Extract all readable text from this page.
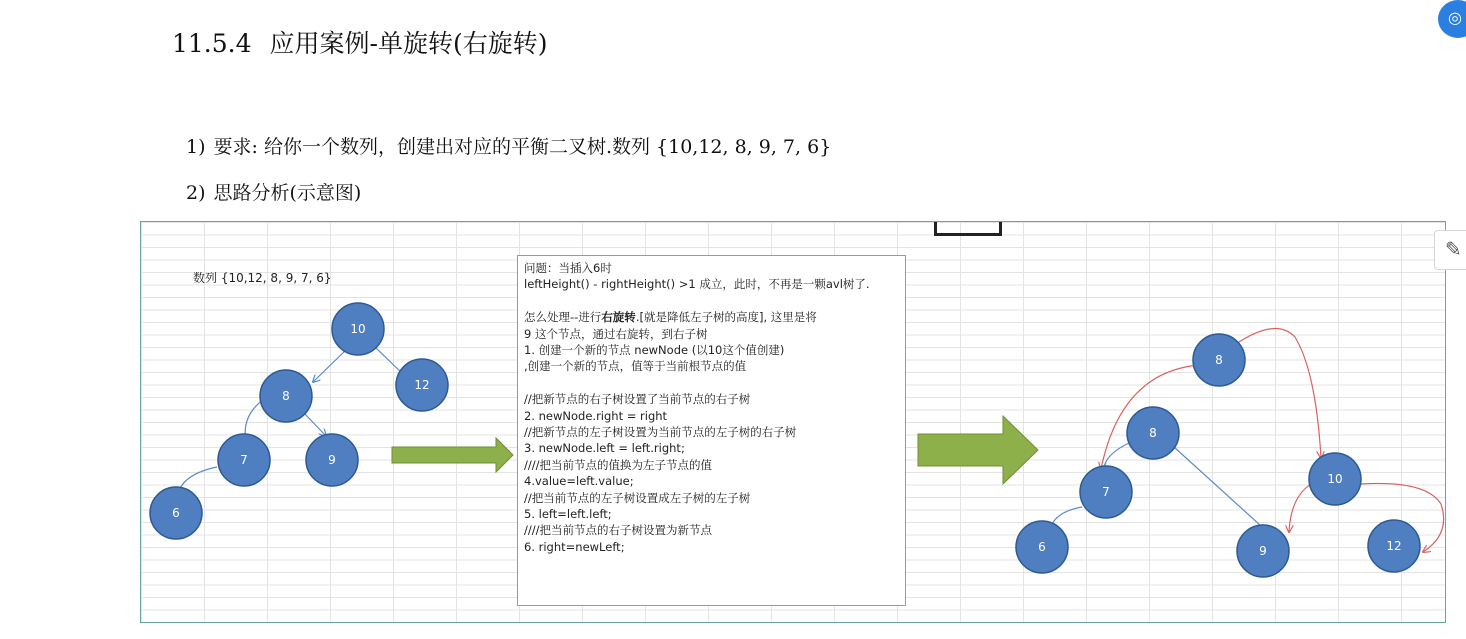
11.5.4 应用案例-单旋转(右旋转)
1) 要求: 给你一个数列，创建出对应的平衡二叉树.数列 {10,12, 8, 9, 7, 6}
2) 思路分析(示意图)
10
12
8
7	9
6
8
7
10
6	9	12
8
数列 {10,12, 8, 9, 7, 6}
问题：当插入6时
leftHeight() - rightHeight() >1 成立，此时，不再是一颗avl树了.
怎么处理--进行右旋转.[就是降低左子树的高度], 这里是将
9 这个节点，通过右旋转，到右子树
1. 创建一个新的节点 newNode (以10这个值创建)
,创建一个新的节点，值等于当前根节点的值
//把新节点的右子树设置了当前节点的右子树
2. newNode.right = right
//把新节点的左子树设置为当前节点的左子树的右子树
3. newNode.left = left.right;
////把当前节点的值换为左子节点的值
4.value=left.value;
//把当前节点的左子树设置成左子树的左子树
5. left=left.left;
////把当前节点的右子树设置为新节点
6. right=newLeft;
◎
✎
